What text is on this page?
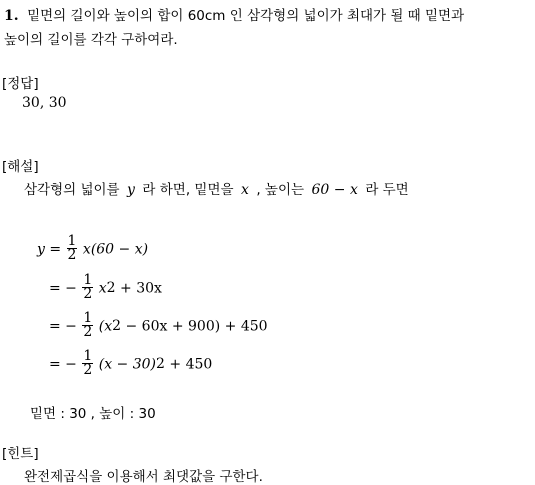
1. 밑면의 길이와 높이의 합이 60cm 인 삼각형의 넓이가 최대가 될 때 밑면과
높이의 길이를 각각 구하여라.
[정답]
30, 30
[해설]
삼각형의 넓이를 y 라 하면, 밑면을 x , 높이는 60 − x 라 두면
$y = \frac{1}{2} x(60 - x)$
= − $\frac{1}{2} x^2 + 30x$
= − $\frac{1}{2} (x^2 - 60x + 900) + 450$
= − $\frac{1}{2} (x - 30)^2 + 450$
밑면 : 30 , 높이 : 30
[힌트]
완전제곱식을 이용해서 최댓값을 구한다.
